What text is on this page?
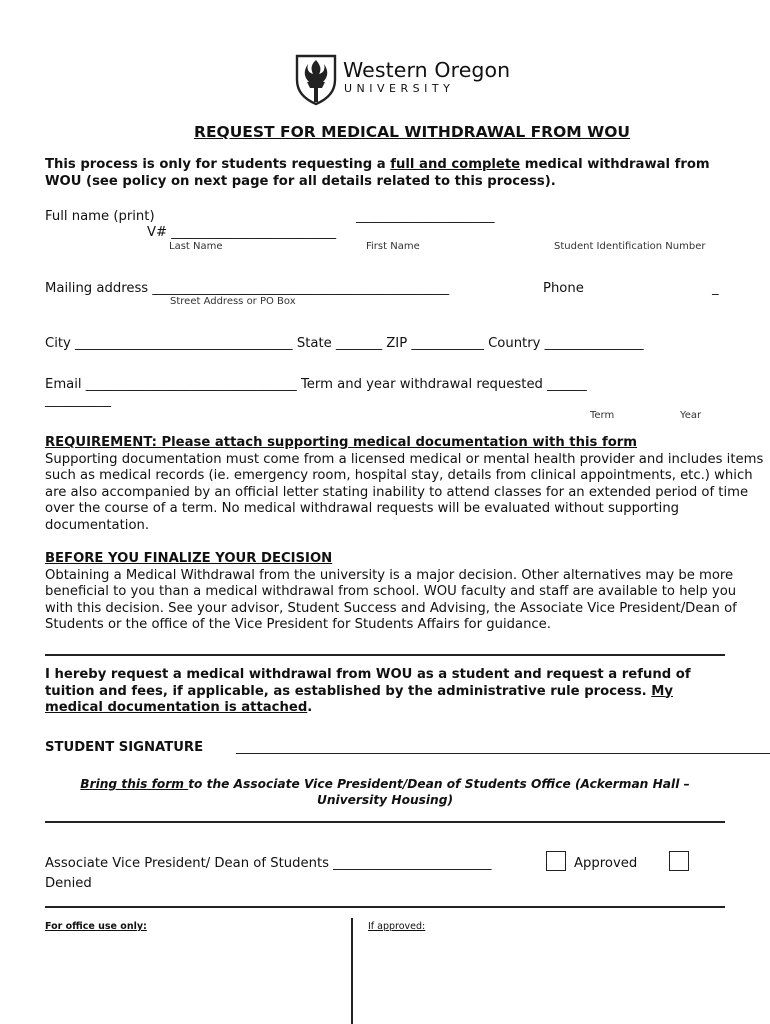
Western Oregon
UNIVERSITY
REQUEST FOR MEDICAL WITHDRAWAL FROM WOU
This process is only for students requesting a full and complete medical withdrawal from WOU (see policy on next page for all details related to this process).
Full name (print)	_____________________
V# _________________________
Last Name	First Name	Student Identification Number
Mailing address _____________________________________________	Phone	_
Street Address or PO Box
City _________________________________ State _______ ZIP ___________ Country _______________
Email ________________________________ Term and year withdrawal requested ______
__________
Term	Year
REQUIREMENT: Please attach supporting medical documentation with this form
Supporting documentation must come from a licensed medical or mental health provider and includes items such as medical records (ie. emergency room, hospital stay, details from clinical appointments, etc.) which are also accompanied by an official letter stating inability to attend classes for an extended period of time over the course of a term. No medical withdrawal requests will be evaluated without supporting documentation.
BEFORE YOU FINALIZE YOUR DECISION
Obtaining a Medical Withdrawal from the university is a major decision. Other alternatives may be more beneficial to you than a medical withdrawal from school. WOU faculty and staff are available to help you with this decision. See your advisor, Student Success and Advising, the Associate Vice President/Dean of Students or the office of the Vice President for Students Affairs for guidance.
I hereby request a medical withdrawal from WOU as a student and request a refund of tuition and fees, if applicable, as established by the administrative rule process. My medical documentation is attached.
STUDENT SIGNATURE
Bring this form to the Associate Vice President/Dean of Students Office (Ackerman Hall – University Housing)
Associate Vice President/ Dean of Students ________________________	Approved
Denied
For office use only:	If approved:
